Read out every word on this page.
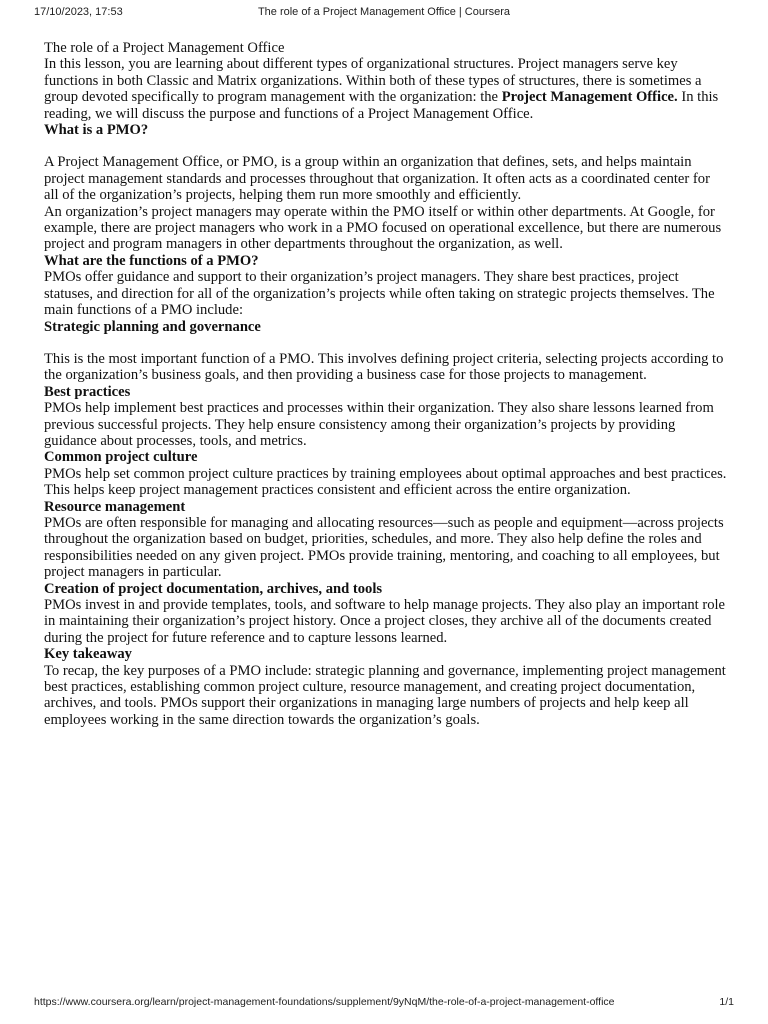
17/10/2023, 17:53	The role of a Project Management Office | Coursera

The role of a Project Management Office

In this lesson, you are learning about different types of organizational structures. Project managers serve key functions in both Classic and Matrix organizations. Within both of these types of structures, there is sometimes a group devoted specifically to program management with the organization: the Project Management Office. In this reading, we will discuss the purpose and functions of a Project Management Office.

What is a PMO?

A Project Management Office, or PMO, is a group within an organization that defines, sets, and helps maintain project management standards and processes throughout that organization. It often acts as a coordinated center for all of the organization’s projects, helping them run more smoothly and efficiently.

An organization’s project managers may operate within the PMO itself or within other departments. At Google, for example, there are project managers who work in a PMO focused on operational excellence, but there are numerous project and program managers in other departments throughout the organization, as well.

What are the functions of a PMO?

PMOs offer guidance and support to their organization’s project managers. They share best practices, project statuses, and direction for all of the organization’s projects while often taking on strategic projects themselves. The main functions of a PMO include:

Strategic planning and governance

This is the most important function of a PMO. This involves defining project criteria, selecting projects according to the organization’s business goals, and then providing a business case for those projects to management.

Best practices

PMOs help implement best practices and processes within their organization. They also share lessons learned from previous successful projects. They help ensure consistency among their organization’s projects by providing guidance about processes, tools, and metrics.

Common project culture

PMOs help set common project culture practices by training employees about optimal approaches and best practices. This helps keep project management practices consistent and efficient across the entire organization.

Resource management

PMOs are often responsible for managing and allocating resources—such as people and equipment—across projects throughout the organization based on budget, priorities, schedules, and more. They also help define the roles and responsibilities needed on any given project. PMOs provide training, mentoring, and coaching to all employees, but project managers in particular.

Creation of project documentation, archives, and tools

PMOs invest in and provide templates, tools, and software to help manage projects. They also play an important role in maintaining their organization’s project history. Once a project closes, they archive all of the documents created during the project for future reference and to capture lessons learned.

Key takeaway

To recap, the key purposes of a PMO include: strategic planning and governance, implementing project management best practices, establishing common project culture, resource management, and creating project documentation, archives, and tools. PMOs support their organizations in managing large numbers of projects and help keep all employees working in the same direction towards the organization’s goals.

https://www.coursera.org/learn/project-management-foundations/supplement/9yNqM/the-role-of-a-project-management-office	1/1
